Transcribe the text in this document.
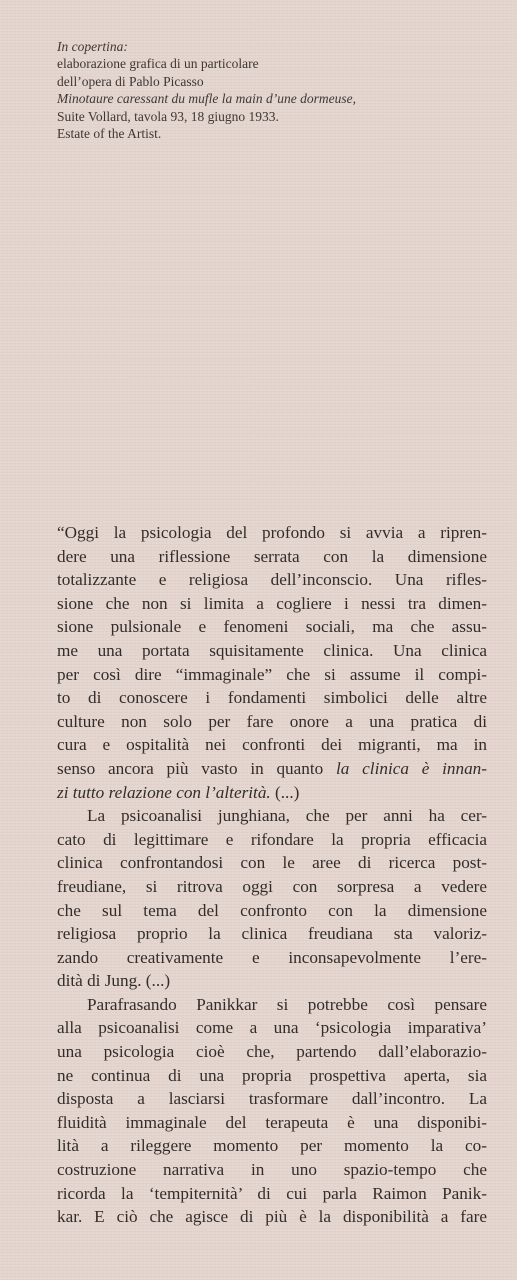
In copertina:
elaborazione grafica di un particolare
dell’opera di Pablo Picasso
Minotaure caressant du mufle la main d’une dormeuse,
Suite Vollard, tavola 93, 18 giugno 1933.
Estate of the Artist.
“Oggi la psicologia del profondo si avvia a ripren-
dere una riflessione serrata con la dimensione
totalizzante e religiosa dell’inconscio. Una rifles-
sione che non si limita a cogliere i nessi tra dimen-
sione pulsionale e fenomeni sociali, ma che assu-
me una portata squisitamente clinica. Una clinica
per così dire “immaginale” che si assume il compi-
to di conoscere i fondamenti simbolici delle altre
culture non solo per fare onore a una pratica di
cura e ospitalità nei confronti dei migranti, ma in
senso ancora più vasto in quanto la clinica è innan-
zi tutto relazione con l’alterità. (...)
La psicoanalisi junghiana, che per anni ha cer-
cato di legittimare e rifondare la propria efficacia
clinica confrontandosi con le aree di ricerca post-
freudiane, si ritrova oggi con sorpresa a vedere
che sul tema del confronto con la dimensione
religiosa proprio la clinica freudiana sta valoriz-
zando creativamente e inconsapevolmente l’ere-
dità di Jung. (...)
Parafrasando Panikkar si potrebbe così pensare
alla psicoanalisi come a una ‘psicologia imparativa’
una psicologia cioè che, partendo dall’elaborazio-
ne continua di una propria prospettiva aperta, sia
disposta a lasciarsi trasformare dall’incontro. La
fluidità immaginale del terapeuta è una disponibi-
lità a rileggere momento per momento la co-
costruzione narrativa in uno spazio-tempo che
ricorda la ‘tempiternità’ di cui parla Raimon Panik-
kar. E ciò che agisce di più è la disponibilità a fare
